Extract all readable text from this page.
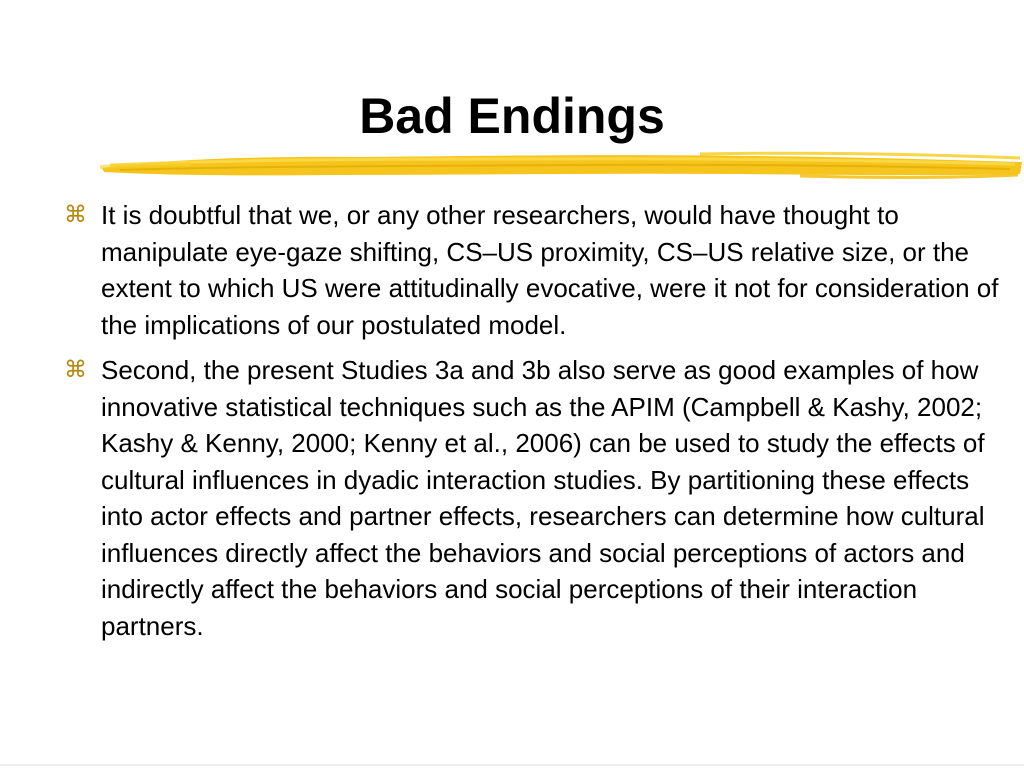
Bad Endings
⌘ It is doubtful that we, or any other researchers, would have thought to manipulate eye-gaze shifting, CS–US proximity, CS–US relative size, or the extent to which US were attitudinally evocative, were it not for consideration of the implications of our postulated model.
⌘ Second, the present Studies 3a and 3b also serve as good examples of how innovative statistical techniques such as the APIM (Campbell & Kashy, 2002; Kashy & Kenny, 2000; Kenny et al., 2006) can be used to study the effects of cultural influences in dyadic interaction studies. By partitioning these effects into actor effects and partner effects, researchers can determine how cultural influences directly affect the behaviors and social perceptions of actors and indirectly affect the behaviors and social perceptions of their interaction partners.
